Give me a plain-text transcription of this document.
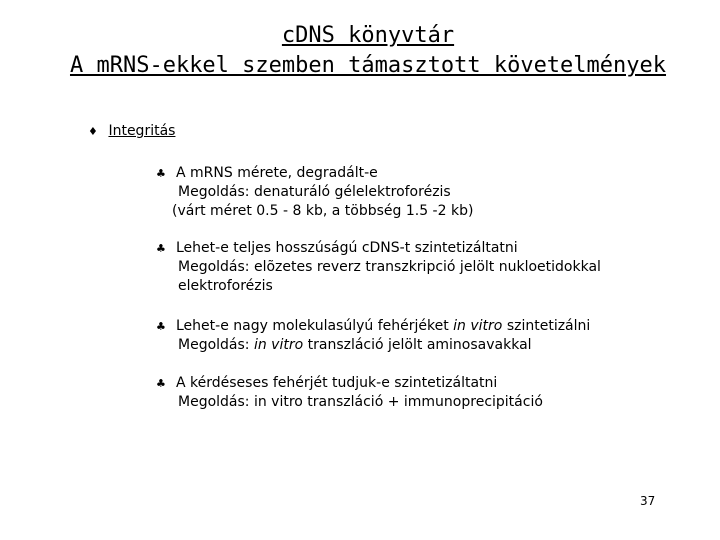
cDNS könyvtár
A mRNS-ekkel szemben támasztott követelmények
♦ Integritás
♣ A mRNS mérete, degradált-e
Megoldás: denaturáló gélelektroforézis
(várt méret 0.5 - 8 kb, a többség 1.5 -2 kb)
♣ Lehet-e teljes hosszúságú cDNS-t szintetizáltatni
Megoldás: elõzetes reverz transzkripció jelölt nukloetidokkal
elektroforézis
♣ Lehet-e nagy molekulasúlyú fehérjéket in vitro szintetizálni
Megoldás: in vitro transzláció jelölt aminosavakkal
♣ A kérdéseses fehérjét tudjuk-e szintetizáltatni
Megoldás: in vitro transzláció + immunoprecipitáció
37
